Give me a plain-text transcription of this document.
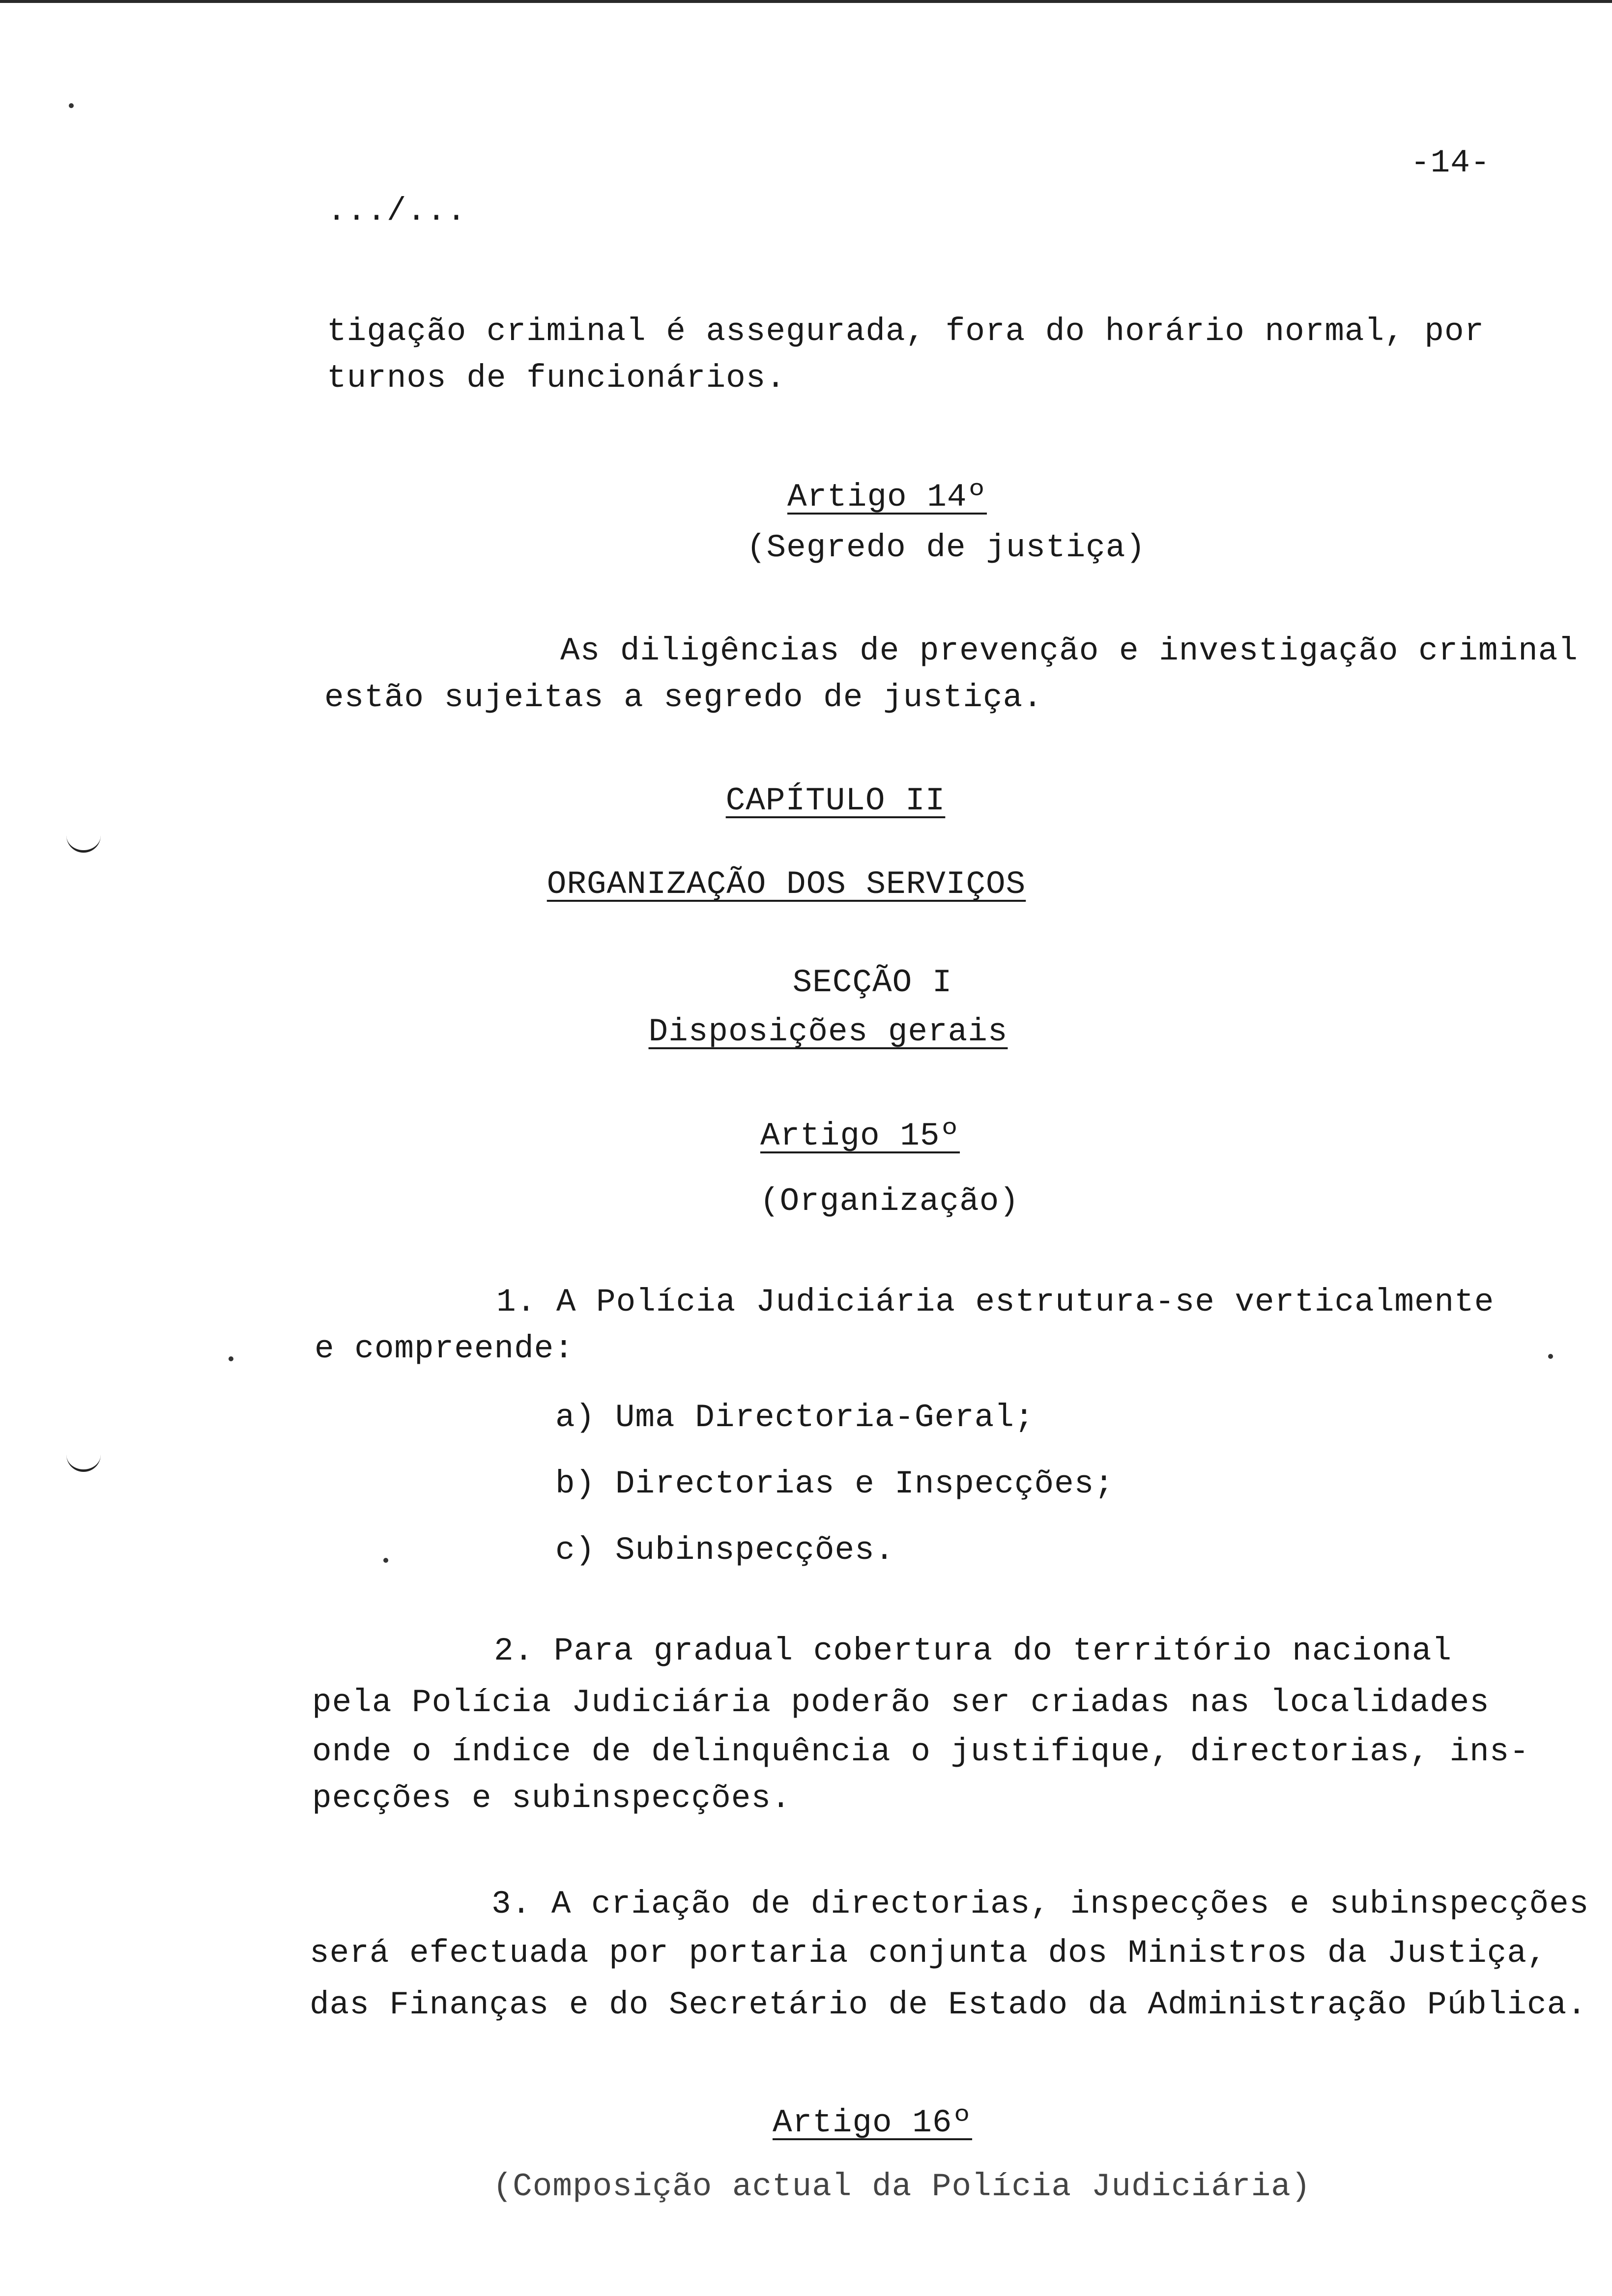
-14-
.../...
tigação criminal é assegurada, fora do horário normal, por
turnos de funcionários.
Artigo 14º
(Segredo de justiça)
As diligências de prevenção e investigação criminal
estão sujeitas a segredo de justiça.
CAPÍTULO II
ORGANIZAÇÃO DOS SERVIÇOS
SECÇÃO I
Disposições gerais
Artigo 15º
(Organização)
1. A Polícia Judiciária estrutura-se verticalmente
e compreende:
a) Uma Directoria-Geral;
b) Directorias e Inspecções;
c) Subinspecções.
2. Para gradual cobertura do território nacional
pela Polícia Judiciária poderão ser criadas nas localidades
onde o índice de delinquência o justifique, directorias, ins-
pecções e subinspecções.
3. A criação de directorias, inspecções e subinspecções
será efectuada por portaria conjunta dos Ministros da Justiça,
das Finanças e do Secretário de Estado da Administração Pública.
Artigo 16º
(Composição actual da Polícia Judiciária)
